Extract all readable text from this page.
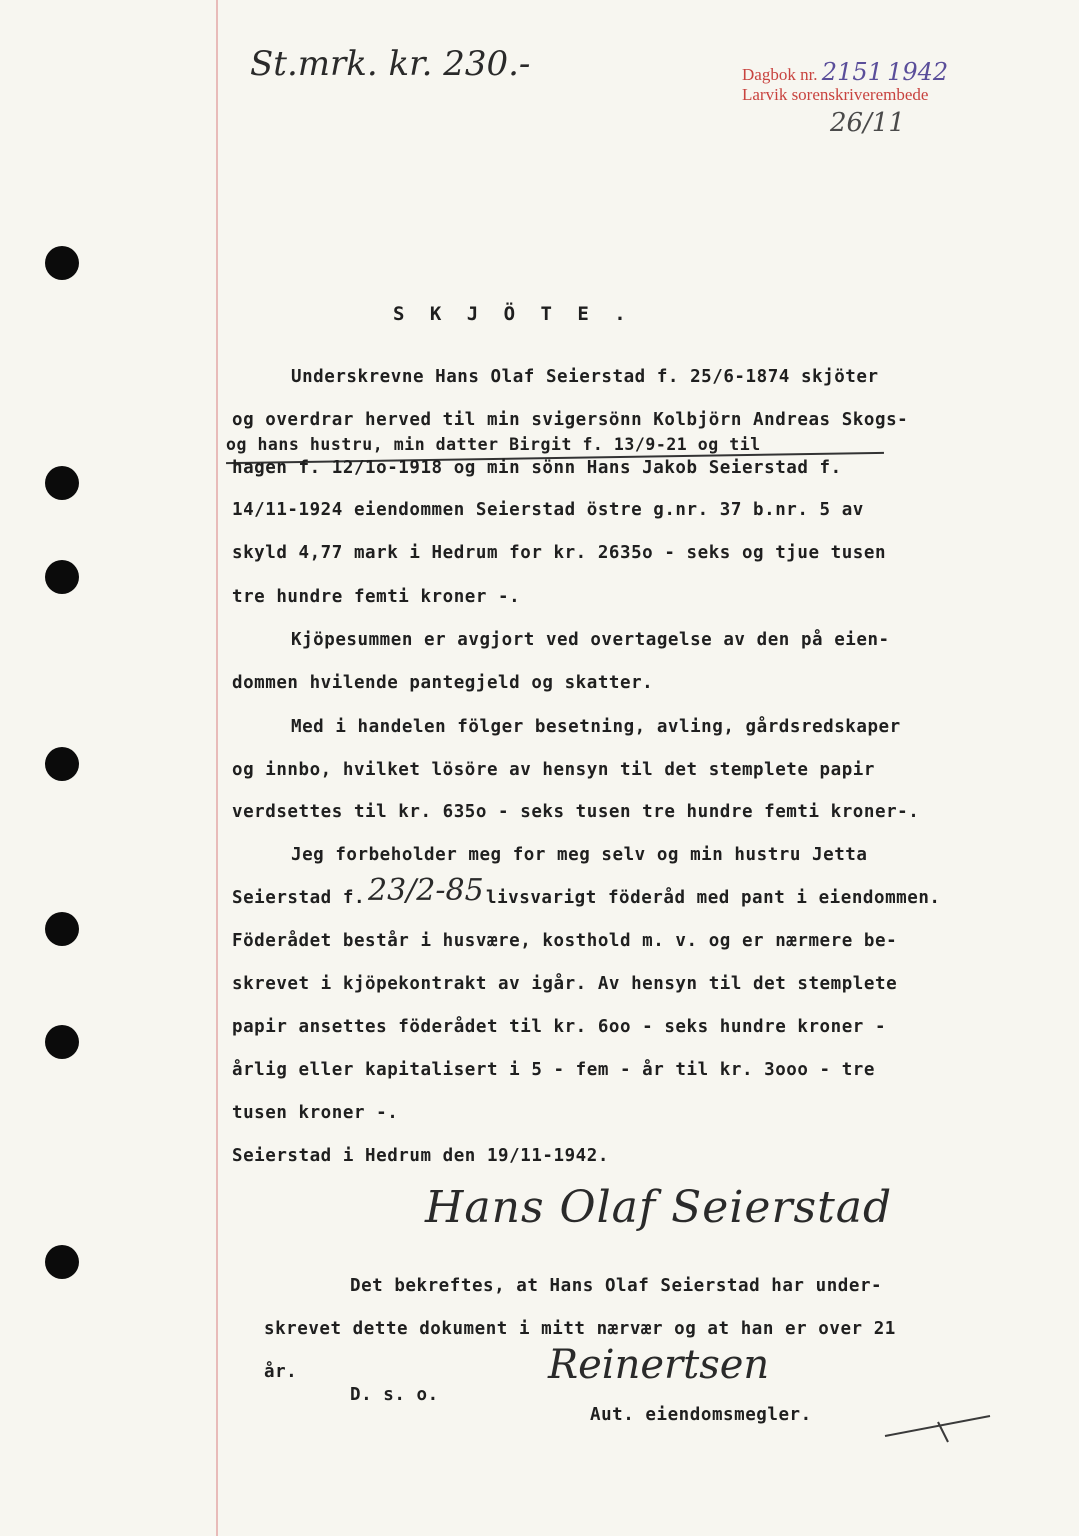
St.mrk. kr. 230.-	Dagbok nr. 2151 1942
Larvik sorenskriverembede
26/11
S K J Ö T E .
Underskrevne Hans Olaf Seierstad f. 25/6-1874 skjöter
og overdrar herved til min svigersönn Kolbjörn Andreas Skogs-
og hans hustru, min datter Birgit f. 13/9-21 og til
hagen f. 12/1o-1918 og min sönn Hans Jakob Seierstad f.
14/11-1924 eiendommen Seierstad östre g.nr. 37 b.nr. 5 av
skyld 4,77 mark i Hedrum for kr. 2635o - seks og tjue tusen
tre hundre femti kroner -.
Kjöpesummen er avgjort ved overtagelse av den på eien-
dommen hvilende pantegjeld og skatter.
Med i handelen fölger besetning, avling, gårdsredskaper
og innbo, hvilket lösöre av hensyn til det stemplete papir
verdsettes til kr. 635o - seks tusen tre hundre femti kroner-.
Jeg forbeholder meg for meg selv og min hustru Jetta
Seierstad f. 23/2-85 livsvarigt föderåd med pant i eiendommen.
Föderådet består i husvære, kosthold m. v. og er nærmere be-
skrevet i kjöpekontrakt av igår. Av hensyn til det stemplete
papir ansettes föderådet til kr. 6oo - seks hundre kroner -
årlig eller kapitalisert i 5 - fem - år til kr. 3ooo - tre
tusen kroner -.
Seierstad i Hedrum den 19/11-1942.
Hans Olaf Seierstad
Det bekreftes, at Hans Olaf Seierstad har under-
skrevet dette dokument i mitt nærvær og at han er over 21
år.
D. s. o.
Reinertsen
Aut. eiendomsmegler.
